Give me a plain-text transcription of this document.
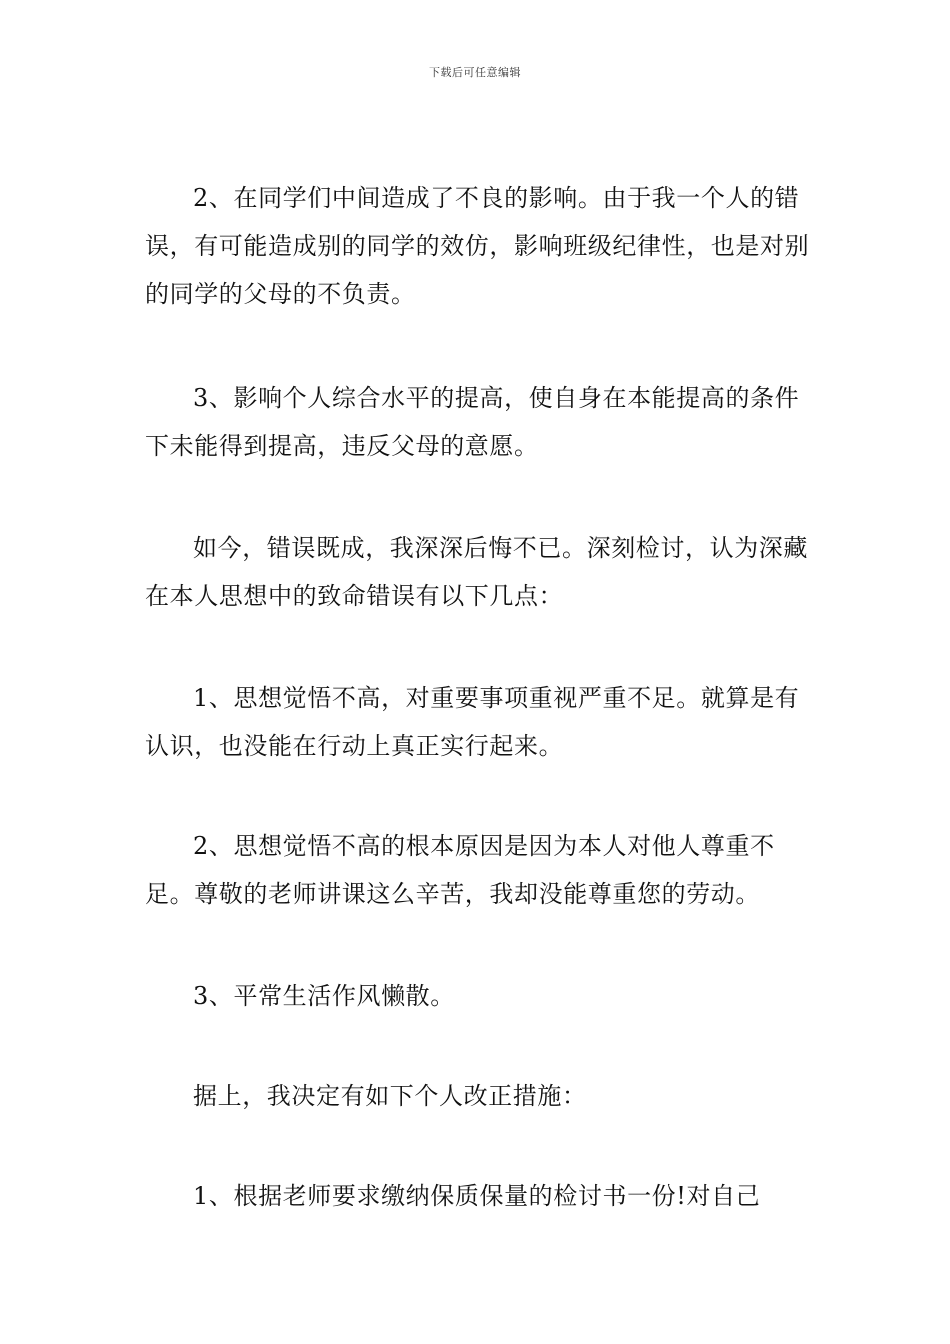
下载后可任意编辑

2、在同学们中间造成了不良的影响。由于我一个人的错误，有可能造成别的同学的效仿，影响班级纪律性，也是对别的同学的父母的不负责。

3、影响个人综合水平的提高，使自身在本能提高的条件下未能得到提高，违反父母的意愿。

如今，错误既成，我深深后悔不已。深刻检讨，认为深藏在本人思想中的致命错误有以下几点：

1、思想觉悟不高，对重要事项重视严重不足。就算是有认识，也没能在行动上真正实行起来。

2、思想觉悟不高的根本原因是因为本人对他人尊重不足。尊敬的老师讲课这么辛苦，我却没能尊重您的劳动。

3、平常生活作风懒散。

据上，我决定有如下个人改正措施：

1、根据老师要求缴纳保质保量的检讨书一份!对自己
